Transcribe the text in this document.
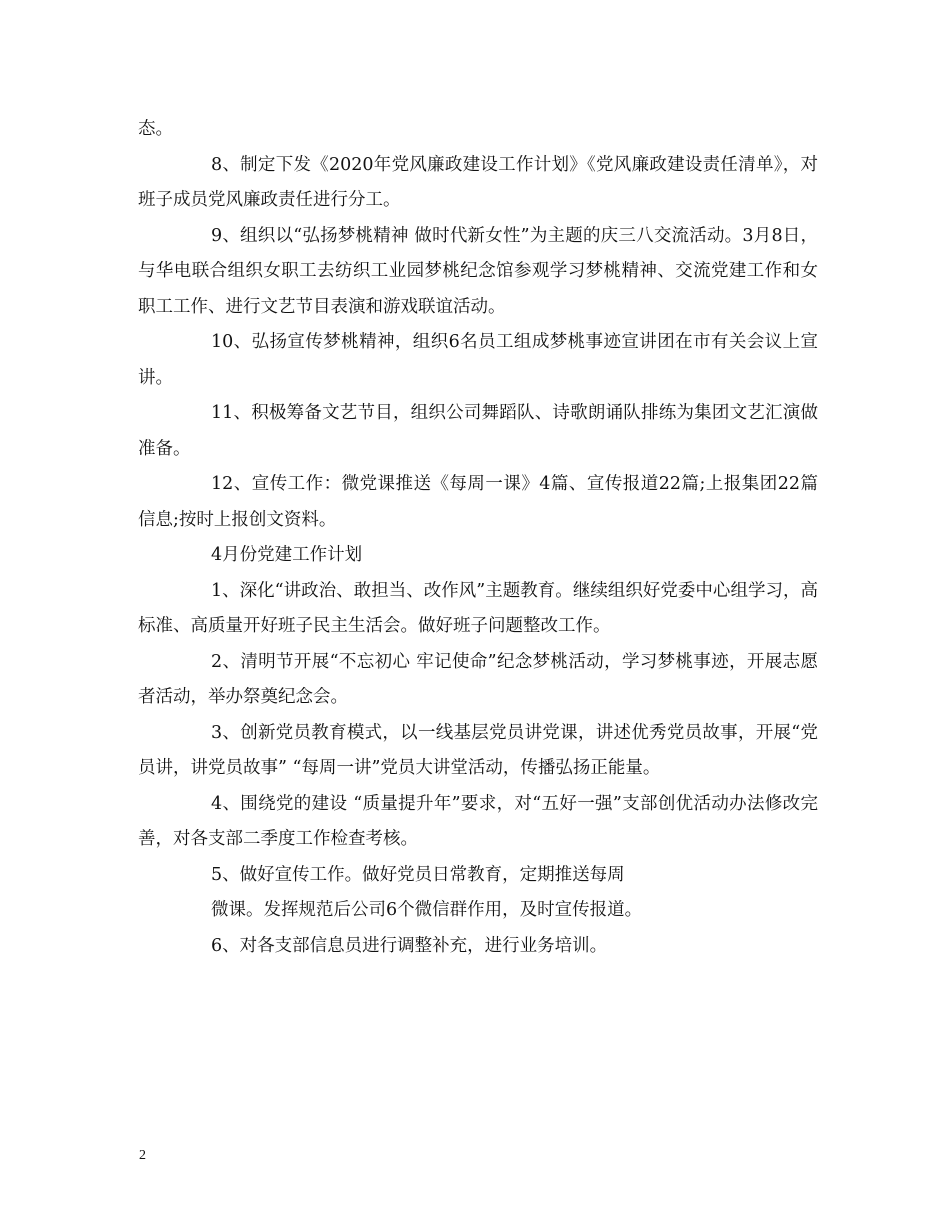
态。

8、制定下发《2020年党风廉政建设工作计划》《党风廉政建设责任清单》，对班子成员党风廉政责任进行分工。

9、组织以“弘扬梦桃精神 做时代新女性”为主题的庆三八交流活动。3月8日，与华电联合组织女职工去纺织工业园梦桃纪念馆参观学习梦桃精神、交流党建工作和女职工工作、进行文艺节目表演和游戏联谊活动。

10、弘扬宣传梦桃精神，组织6名员工组成梦桃事迹宣讲团在市有关会议上宣讲。

11、积极筹备文艺节目，组织公司舞蹈队、诗歌朗诵队排练为集团文艺汇演做准备。

12、宣传工作：微党课推送《每周一课》4篇、宣传报道22篇;上报集团22篇信息;按时上报创文资料。

4月份党建工作计划

1、深化“讲政治、敢担当、改作风”主题教育。继续组织好党委中心组学习，高标准、高质量开好班子民主生活会。做好班子问题整改工作。

2、清明节开展“不忘初心 牢记使命”纪念梦桃活动，学习梦桃事迹，开展志愿者活动，举办祭奠纪念会。

3、创新党员教育模式，以一线基层党员讲党课，讲述优秀党员故事，开展“党员讲，讲党员故事” “每周一讲”党员大讲堂活动，传播弘扬正能量。

4、围绕党的建设 “质量提升年”要求，对“五好一强”支部创优活动办法修改完善，对各支部二季度工作检查考核。

5、做好宣传工作。做好党员日常教育，定期推送每周

微课。发挥规范后公司6个微信群作用，及时宣传报道。

6、对各支部信息员进行调整补充，进行业务培训。

2
